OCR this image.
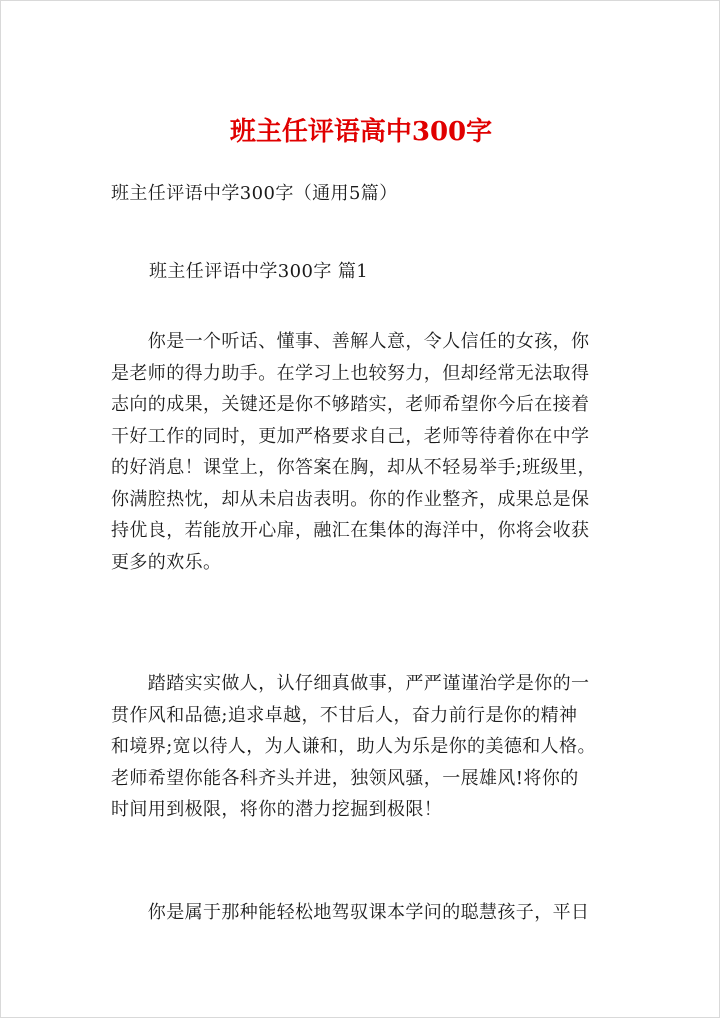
班主任评语高中300字
班主任评语中学300字（通用5篇）
班主任评语中学300字 篇1
　　你是一个听话、懂事、善解人意，令人信任的女孩，你
是老师的得力助手。在学习上也较努力，但却经常无法取得
志向的成果，关键还是你不够踏实，老师希望你今后在接着
干好工作的同时，更加严格要求自己，老师等待着你在中学
的好消息！课堂上，你答案在胸，却从不轻易举手;班级里，
你满腔热忱，却从未启齿表明。你的作业整齐，成果总是保
持优良，若能放开心扉，融汇在集体的海洋中，你将会收获
更多的欢乐。
　　踏踏实实做人，认仔细真做事，严严谨谨治学是你的一
贯作风和品德;追求卓越，不甘后人，奋力前行是你的精神
和境界;宽以待人，为人谦和，助人为乐是你的美德和人格。
老师希望你能各科齐头并进，独领风骚，一展雄风!将你的
时间用到极限，将你的潜力挖掘到极限！
　　你是属于那种能轻松地驾驭课本学问的聪慧孩子，平日
